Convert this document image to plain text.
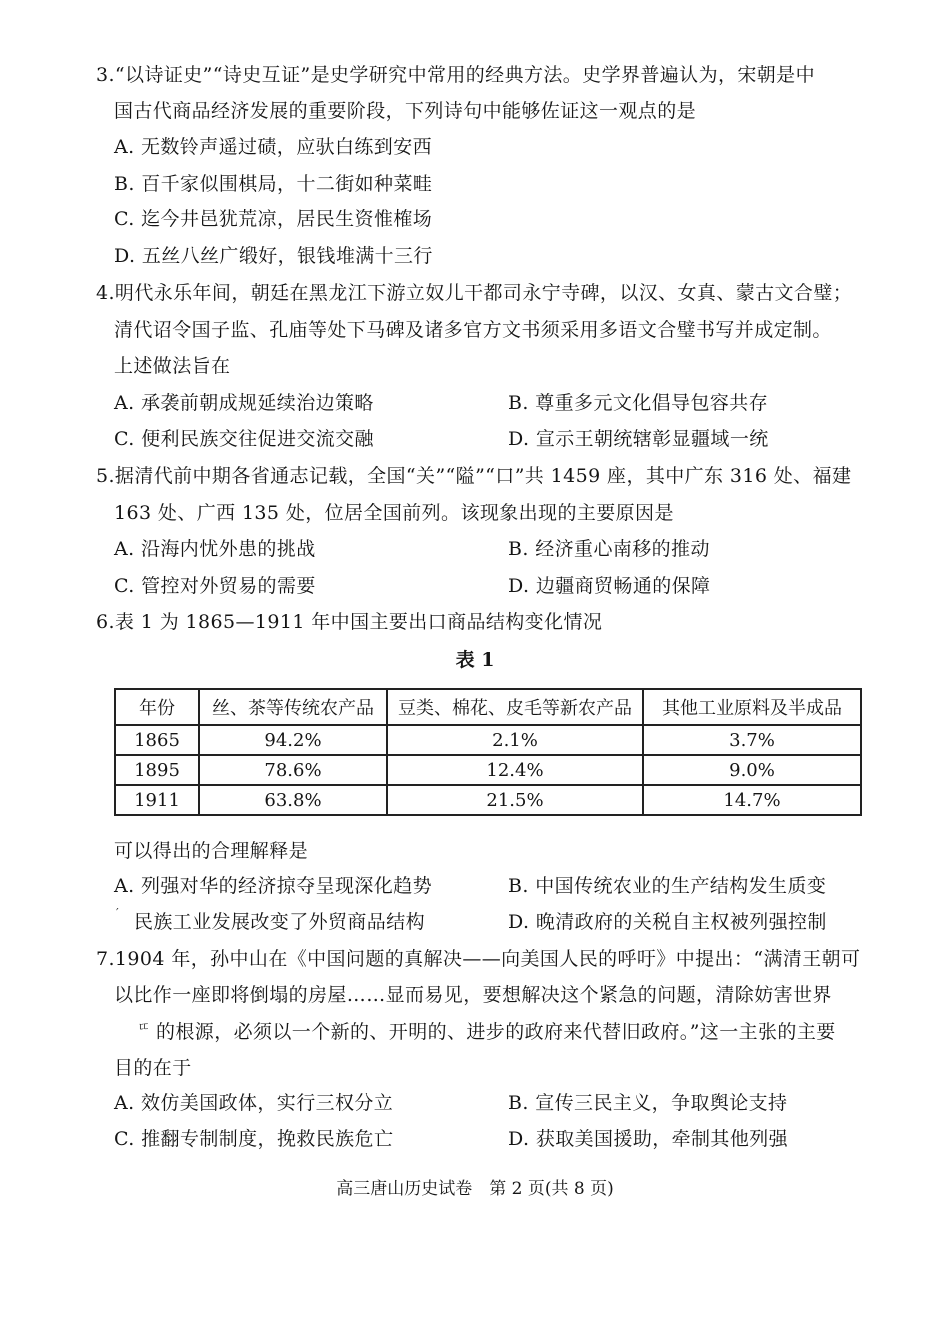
3.“以诗证史”“诗史互证”是史学研究中常用的经典方法。史学界普遍认为，宋朝是中
国古代商品经济发展的重要阶段，下列诗句中能够佐证这一观点的是
A. 无数铃声遥过碛，应驮白练到安西
B. 百千家似围棋局，十二街如种菜畦
C. 迄今井邑犹荒凉，居民生资惟榷场
D. 五丝八丝广缎好，银钱堆满十三行
4.明代永乐年间，朝廷在黑龙江下游立奴儿干都司永宁寺碑，以汉、女真、蒙古文合璧；
清代诏令国子监、孔庙等处下马碑及诸多官方文书须采用多语文合璧书写并成定制。
上述做法旨在
A. 承袭前朝成规延续治边策略	B. 尊重多元文化倡导包容共存
C. 便利民族交往促进交流交融	D. 宣示王朝统辖彰显疆域一统
5.据清代前中期各省通志记载，全国“关”“隘”“口”共 1459 座，其中广东 316 处、福建
163 处、广西 135 处，位居全国前列。该现象出现的主要原因是
A. 沿海内忧外患的挑战	B. 经济重心南移的推动
C. 管控对外贸易的需要	D. 边疆商贸畅通的保障
6.表 1 为 1865—1911 年中国主要出口商品结构变化情况
表 1
年份	丝、茶等传统农产品	豆类、棉花、皮毛等新农产品	其他工业原料及半成品
1865	94.2%	2.1%	3.7%
1895	78.6%	12.4%	9.0%
1911	63.8%	21.5%	14.7%
可以得出的合理解释是
A. 列强对华的经济掠夺呈现深化趋势	B. 中国传统农业的生产结构发生质变
′ 民族工业发展改变了外贸商品结构	D. 晚清政府的关税自主权被列强控制
7.1904 年，孙中山在《中国问题的真解决——向美国人民的呼吁》中提出：“满清王朝可
以比作一座即将倒塌的房屋……显而易见，要想解决这个紧急的问题，清除妨害世界
ㄸ 的根源，必须以一个新的、开明的、进步的政府来代替旧政府。”这一主张的主要
目的在于
A. 效仿美国政体，实行三权分立	B. 宣传三民主义，争取舆论支持
C. 推翻专制制度，挽救民族危亡	D. 获取美国援助，牵制其他列强
高三唐山历史试卷　第 2 页(共 8 页)
